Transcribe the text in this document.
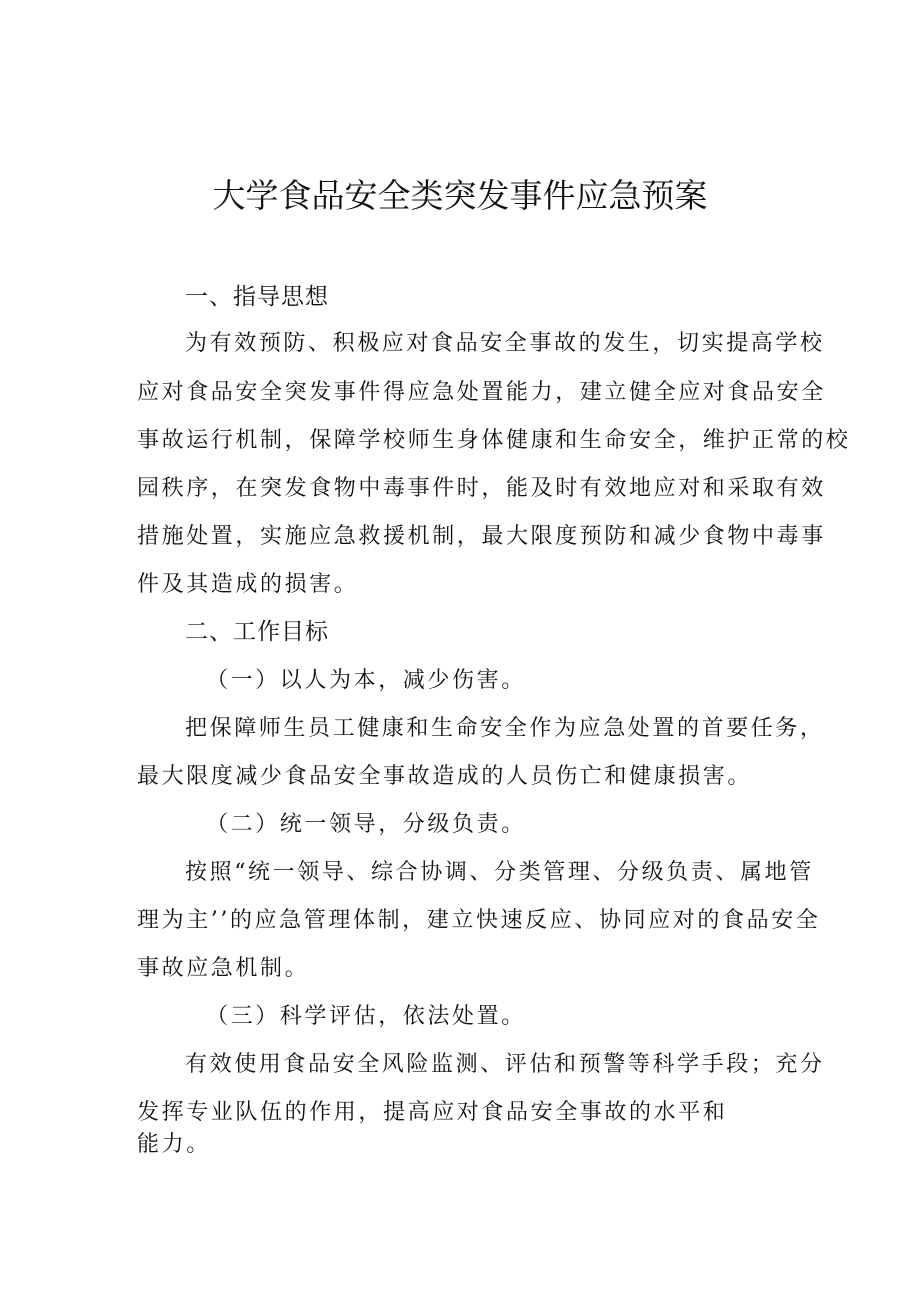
大学食品安全类突发事件应急预案
一、指导思想
为有效预防、积极应对食品安全事故的发生，切实提高学校
应对食品安全突发事件得应急处置能力，建立健全应对食品安全
事故运行机制，保障学校师生身体健康和生命安全，维护正常的校
园秩序，在突发食物中毒事件时，能及时有效地应对和采取有效
措施处置，实施应急救援机制，最大限度预防和减少食物中毒事
件及其造成的损害。
二、工作目标
（一）以人为本，减少伤害。
把保障师生员工健康和生命安全作为应急处置的首要任务，
最大限度减少食品安全事故造成的人员伤亡和健康损害。
（二）统一领导，分级负责。
按照“统一领导、综合协调、分类管理、分级负责、属地管
理为主’’的应急管理体制，建立快速反应、协同应对的食品安全
事故应急机制。
（三）科学评估，依法处置。
有效使用食品安全风险监测、评估和预警等科学手段；充分
发挥专业队伍的作用，提高应对食品安全事故的水平和
能力。
